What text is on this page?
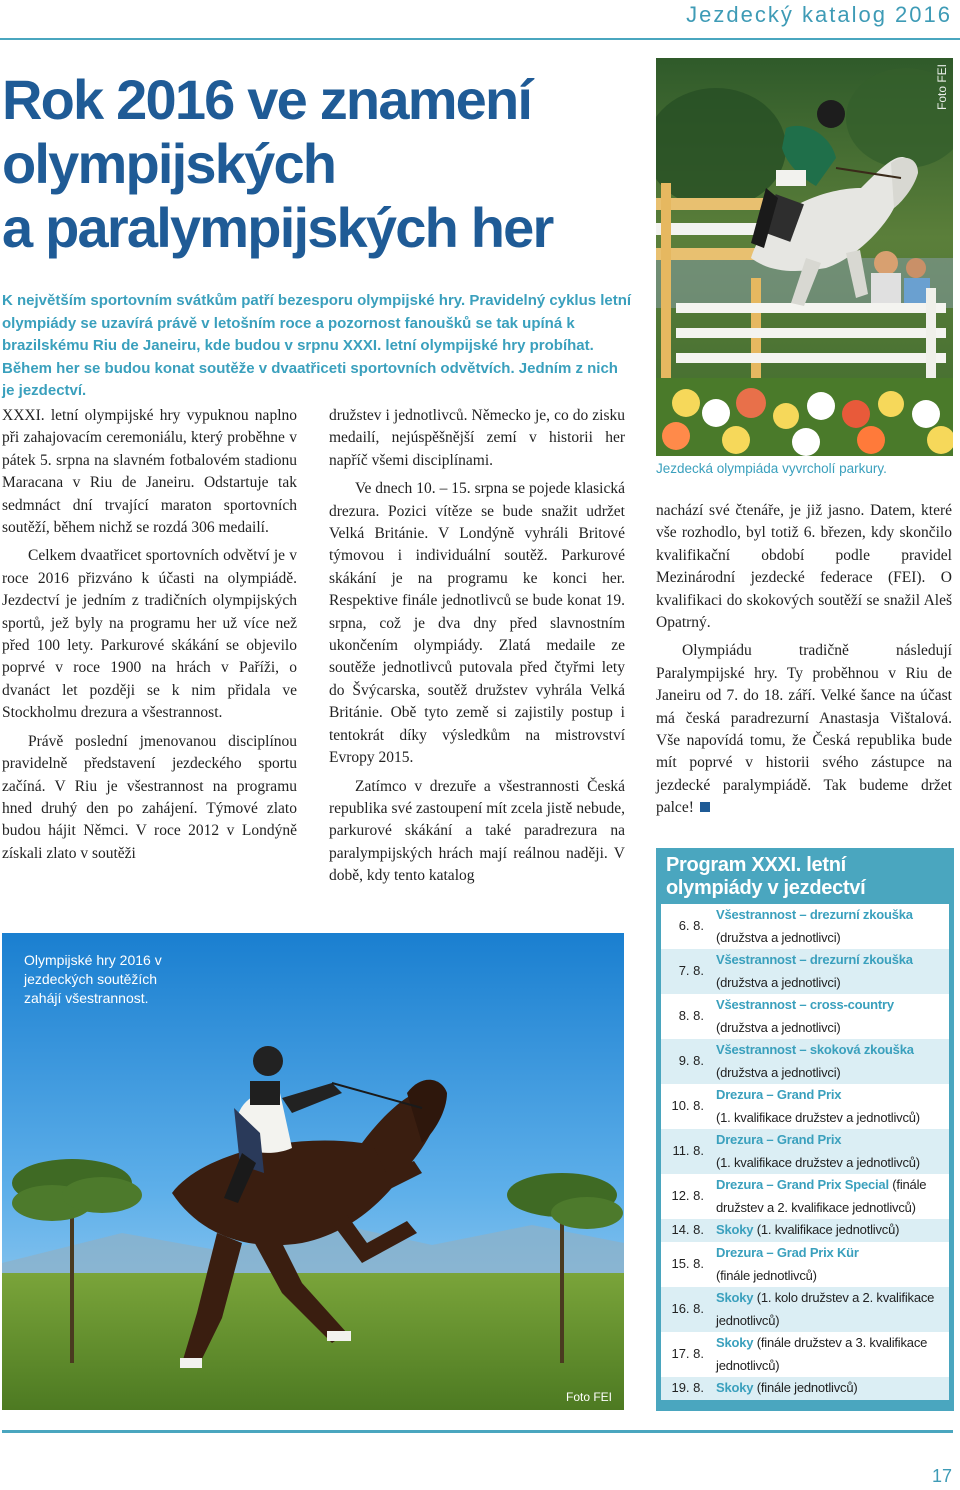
Jezdecký katalog 2016
Rok 2016 ve znamení
olympijských
a paralympijských her

K největším sportovním svátkům patří bezesporu olympijské hry. Pravidelný cyklus letní olympiády se uzavírá právě v letošním roce a pozornost fanoušků se tak upíná k brazilskému Riu de Janeiru, kde budou v srpnu XXXI. letní olympijské hry probíhat. Během her se budou konat soutěže v dvaatřiceti sportovních odvětvích. Jedním z nich je jezdectví.

XXXI. letní olympijské hry vypuknou naplno při zahajovacím ceremoniálu, který proběhne v pátek 5. srpna na slavném fotbalovém stadionu Maracana v Riu de Janeiru. Odstartuje tak sedmnáct dní trvající maraton sportovních soutěží, během nichž se rozdá 306 medailí.

Celkem dvaatřicet sportovních odvětví je v roce 2016 přizváno k účasti na olympiádě. Jezdectví je jedním z tradičních olympijských sportů, jež byly na programu her už více než před 100 lety. Parkurové skákání se objevilo poprvé v roce 1900 na hrách v Paříži, o dvanáct let později se k nim přidala ve Stockholmu drezura a všestrannost.

Právě poslední jmenovanou disciplínou pravidelně představení jezdeckého sportu začíná. V Riu je všestrannost na programu hned druhý den po zahájení. Týmové zlato budou hájit Němci. V roce 2012 v Londýně získali zlato v soutěži

družstev i jednotlivců. Německo je, co do zisku medailí, nejúspěšnější zemí v historii her napříč všemi disciplínami.

Ve dnech 10. – 15. srpna se pojede klasická drezura. Pozici vítěze se bude snažit udržet Velká Británie. V Londýně vyhráli Britové týmovou i individuální soutěž. Parkurové skákání je na programu ke konci her. Respektive finále jednotlivců se bude konat 19. srpna, což je dva dny před slavnostním ukončením olympiády. Zlatá medaile ze soutěže jednotlivců putovala před čtyřmi lety do Švýcarska, soutěž družstev vyhrála Velká Británie. Obě tyto země si zajistily postup i tentokrát díky výsledkům na mistrovství Evropy 2015.

Zatímco v drezuře a všestrannosti Česká republika své zastoupení mít zcela jistě nebude, parkurové skákání a také paradrezura na paralympijských hrách mají reálnou naději. V době, kdy tento katalog

nachází své čtenáře, je již jasno. Datem, které vše rozhodlo, byl totiž 6. březen, kdy skončilo kvalifikační období podle pravidel Mezinárodní jezdecké federace (FEI). O kvalifikaci do skokových soutěží se snažil Aleš Opatrný.

Olympiádu tradičně následují Paralympijské hry. Ty proběhnou v Riu de Janeiru od 7. do 18. září. Velké šance na účast má česká paradrezurní Anastasja Vištalová. Vše napovídá tomu, že Česká republika bude mít poprvé v historii svého zástupce na jezdecké paralympiádě. Tak budeme držet palce!

Foto FEI
Jezdecká olympiáda vyvrcholí parkury.
Olympijské hry 2016 v jezdeckých soutěžích zahájí všestrannost.
Foto FEI
Program XXXI. letní olympiády v jezdectví
6. 8.
Všestrannost – drezurní zkouška
(družstva a jednotlivci)
7. 8.
Všestrannost – drezurní zkouška
(družstva a jednotlivci)
8. 8.
Všestrannost – cross-country
(družstva a jednotlivci)
9. 8.
Všestrannost – skoková zkouška
(družstva a jednotlivci)
10. 8.
Drezura – Grand Prix
(1. kvalifikace družstev a jednotlivců)
11. 8.
Drezura – Grand Prix
(1. kvalifikace družstev a jednotlivců)
12. 8.
Drezura – Grand Prix Special (finále družstev a 2. kvalifikace jednotlivců)
14. 8. Skoky (1. kvalifikace jednotlivců)
15. 8.
Drezura – Grad Prix Kür
(finále jednotlivců)
16. 8.
Skoky (1. kolo družstev a 2. kvalifikace jednotlivců)
17. 8.
Skoky (finále družstev a 3. kvalifikace jednotlivců)
19. 8. Skoky (finále jednotlivců)
17
